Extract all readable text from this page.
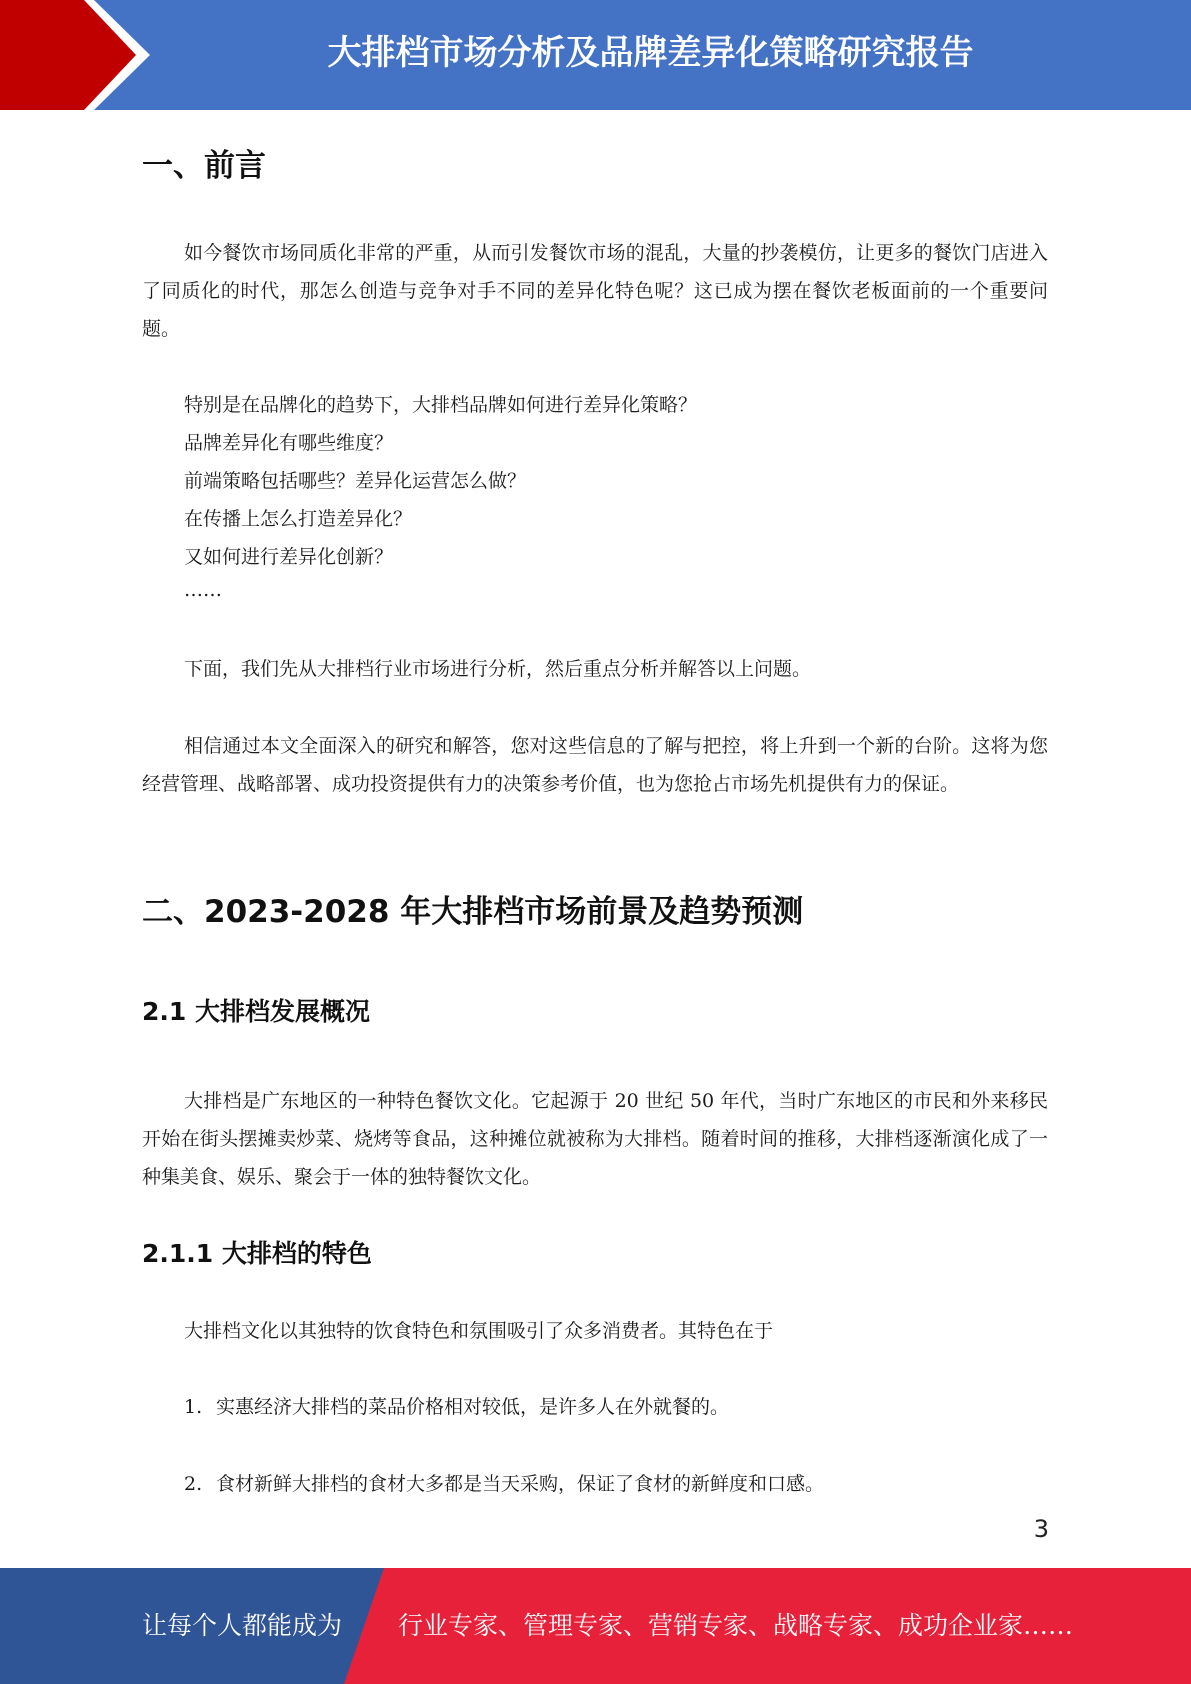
大排档市场分析及品牌差异化策略研究报告
一、前言

如今餐饮市场同质化非常的严重，从而引发餐饮市场的混乱，大量的抄袭模仿，让更多的餐饮门店进入了同质化的时代，那怎么创造与竞争对手不同的差异化特色呢？这已成为摆在餐饮老板面前的一个重要问题。

特别是在品牌化的趋势下，大排档品牌如何进行差异化策略？
品牌差异化有哪些维度？
前端策略包括哪些？差异化运营怎么做？
在传播上怎么打造差异化？
又如何进行差异化创新？
……

下面，我们先从大排档行业市场进行分析，然后重点分析并解答以上问题。

相信通过本文全面深入的研究和解答，您对这些信息的了解与把控，将上升到一个新的台阶。这将为您经营管理、战略部署、成功投资提供有力的决策参考价值，也为您抢占市场先机提供有力的保证。

二、2023-2028 年大排档市场前景及趋势预测
2.1 大排档发展概况

大排档是广东地区的一种特色餐饮文化。它起源于 20 世纪 50 年代，当时广东地区的市民和外来移民开始在街头摆摊卖炒菜、烧烤等食品，这种摊位就被称为大排档。随着时间的推移，大排档逐渐演化成了一种集美食、娱乐、聚会于一体的独特餐饮文化。

2.1.1 大排档的特色

大排档文化以其独特的饮食特色和氛围吸引了众多消费者。其特色在于

1. 实惠经济大排档的菜品价格相对较低，是许多人在外就餐的。
2. 食材新鲜大排档的食材大多都是当天采购，保证了食材的新鲜度和口感。
3
让每个人都能成为 行业专家、管理专家、营销专家、战略专家、成功企业家……
